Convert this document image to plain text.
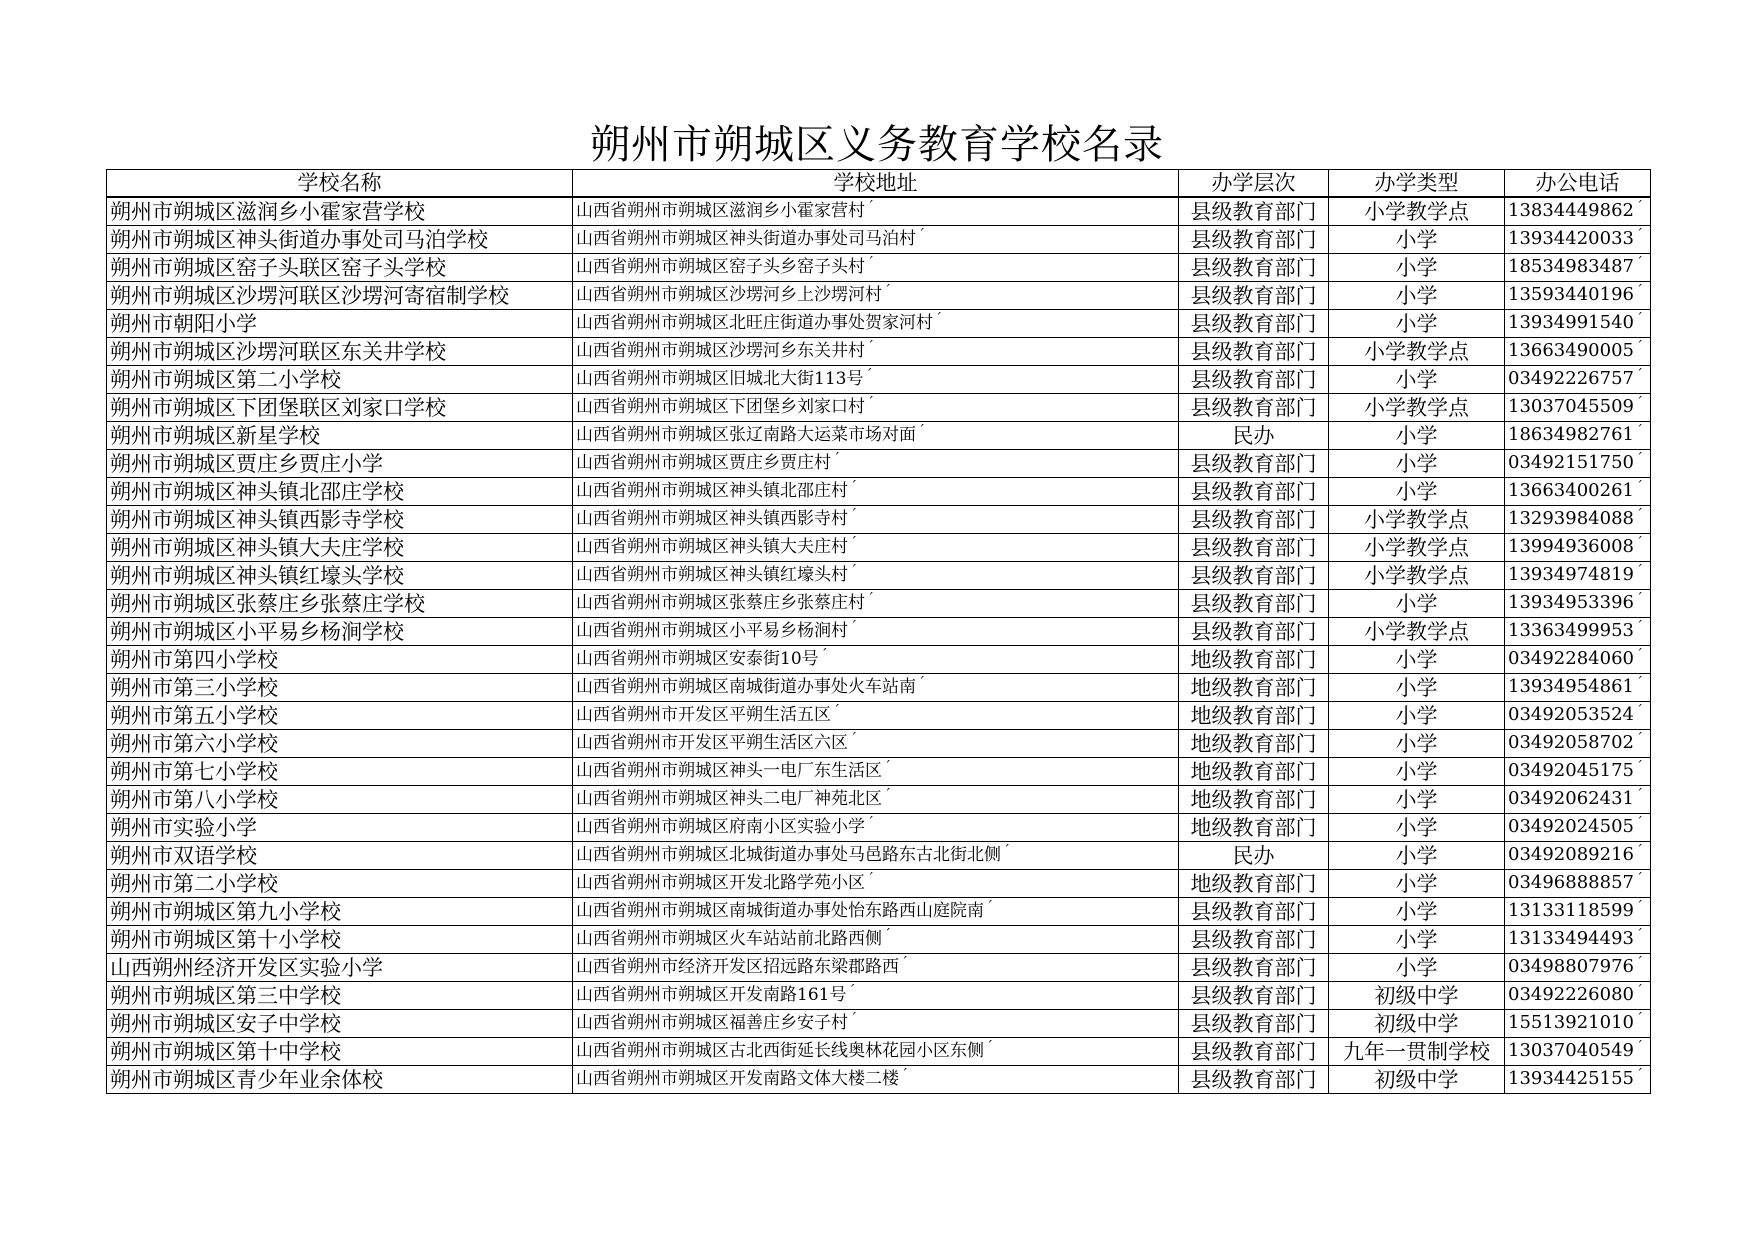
朔州市朔城区义务教育学校名录
学校名称	学校地址	办学层次	办学类型	办公电话
朔州市朔城区滋润乡小霍家营学校	山西省朔州市朔城区滋润乡小霍家营村 ´	县级教育部门	小学教学点	13834449862 ´
朔州市朔城区神头街道办事处司马泊学校	山西省朔州市朔城区神头街道办事处司马泊村 ´	县级教育部门	小学	13934420033 ´
朔州市朔城区窑子头联区窑子头学校	山西省朔州市朔城区窑子头乡窑子头村 ´	县级教育部门	小学	18534983487 ´
朔州市朔城区沙塄河联区沙塄河寄宿制学校	山西省朔州市朔城区沙塄河乡上沙塄河村 ´	县级教育部门	小学	13593440196 ´
朔州市朝阳小学	山西省朔州市朔城区北旺庄街道办事处贺家河村 ´	县级教育部门	小学	13934991540 ´
朔州市朔城区沙塄河联区东关井学校	山西省朔州市朔城区沙塄河乡东关井村 ´	县级教育部门	小学教学点	13663490005 ´
朔州市朔城区第二小学校	山西省朔州市朔城区旧城北大街113号 ´	县级教育部门	小学	03492226757 ´
朔州市朔城区下团堡联区刘家口学校	山西省朔州市朔城区下团堡乡刘家口村 ´	县级教育部门	小学教学点	13037045509 ´
朔州市朔城区新星学校	山西省朔州市朔城区张辽南路大运菜市场对面 ´	民办	小学	18634982761 ´
朔州市朔城区贾庄乡贾庄小学	山西省朔州市朔城区贾庄乡贾庄村 ´	县级教育部门	小学	03492151750 ´
朔州市朔城区神头镇北邵庄学校	山西省朔州市朔城区神头镇北邵庄村 ´	县级教育部门	小学	13663400261 ´
朔州市朔城区神头镇西影寺学校	山西省朔州市朔城区神头镇西影寺村 ´	县级教育部门	小学教学点	13293984088 ´
朔州市朔城区神头镇大夫庄学校	山西省朔州市朔城区神头镇大夫庄村 ´	县级教育部门	小学教学点	13994936008 ´
朔州市朔城区神头镇红壕头学校	山西省朔州市朔城区神头镇红壕头村 ´	县级教育部门	小学教学点	13934974819 ´
朔州市朔城区张蔡庄乡张蔡庄学校	山西省朔州市朔城区张蔡庄乡张蔡庄村 ´	县级教育部门	小学	13934953396 ´
朔州市朔城区小平易乡杨涧学校	山西省朔州市朔城区小平易乡杨涧村 ´	县级教育部门	小学教学点	13363499953 ´
朔州市第四小学校	山西省朔州市朔城区安泰街10号 ´	地级教育部门	小学	03492284060 ´
朔州市第三小学校	山西省朔州市朔城区南城街道办事处火车站南 ´	地级教育部门	小学	13934954861 ´
朔州市第五小学校	山西省朔州市开发区平朔生活五区 ´	地级教育部门	小学	03492053524 ´
朔州市第六小学校	山西省朔州市开发区平朔生活区六区 ´	地级教育部门	小学	03492058702 ´
朔州市第七小学校	山西省朔州市朔城区神头一电厂东生活区 ´	地级教育部门	小学	03492045175 ´
朔州市第八小学校	山西省朔州市朔城区神头二电厂神苑北区 ´	地级教育部门	小学	03492062431 ´
朔州市实验小学	山西省朔州市朔城区府南小区实验小学 ´	地级教育部门	小学	03492024505 ´
朔州市双语学校	山西省朔州市朔城区北城街道办事处马邑路东古北街北侧 ´	民办	小学	03492089216 ´
朔州市第二小学校	山西省朔州市朔城区开发北路学苑小区 ´	地级教育部门	小学	03496888857 ´
朔州市朔城区第九小学校	山西省朔州市朔城区南城街道办事处怡东路西山庭院南 ´	县级教育部门	小学	13133118599 ´
朔州市朔城区第十小学校	山西省朔州市朔城区火车站站前北路西侧 ´	县级教育部门	小学	13133494493 ´
山西朔州经济开发区实验小学	山西省朔州市经济开发区招远路东梁郡路西 ´	县级教育部门	小学	03498807976 ´
朔州市朔城区第三中学校	山西省朔州市朔城区开发南路161号 ´	县级教育部门	初级中学	03492226080 ´
朔州市朔城区安子中学校	山西省朔州市朔城区福善庄乡安子村 ´	县级教育部门	初级中学	15513921010 ´
朔州市朔城区第十中学校	山西省朔州市朔城区古北西街延长线奥林花园小区东侧 ´	县级教育部门	九年一贯制学校	13037040549 ´
朔州市朔城区青少年业余体校	山西省朔州市朔城区开发南路文体大楼二楼 ´	县级教育部门	初级中学	13934425155 ´
